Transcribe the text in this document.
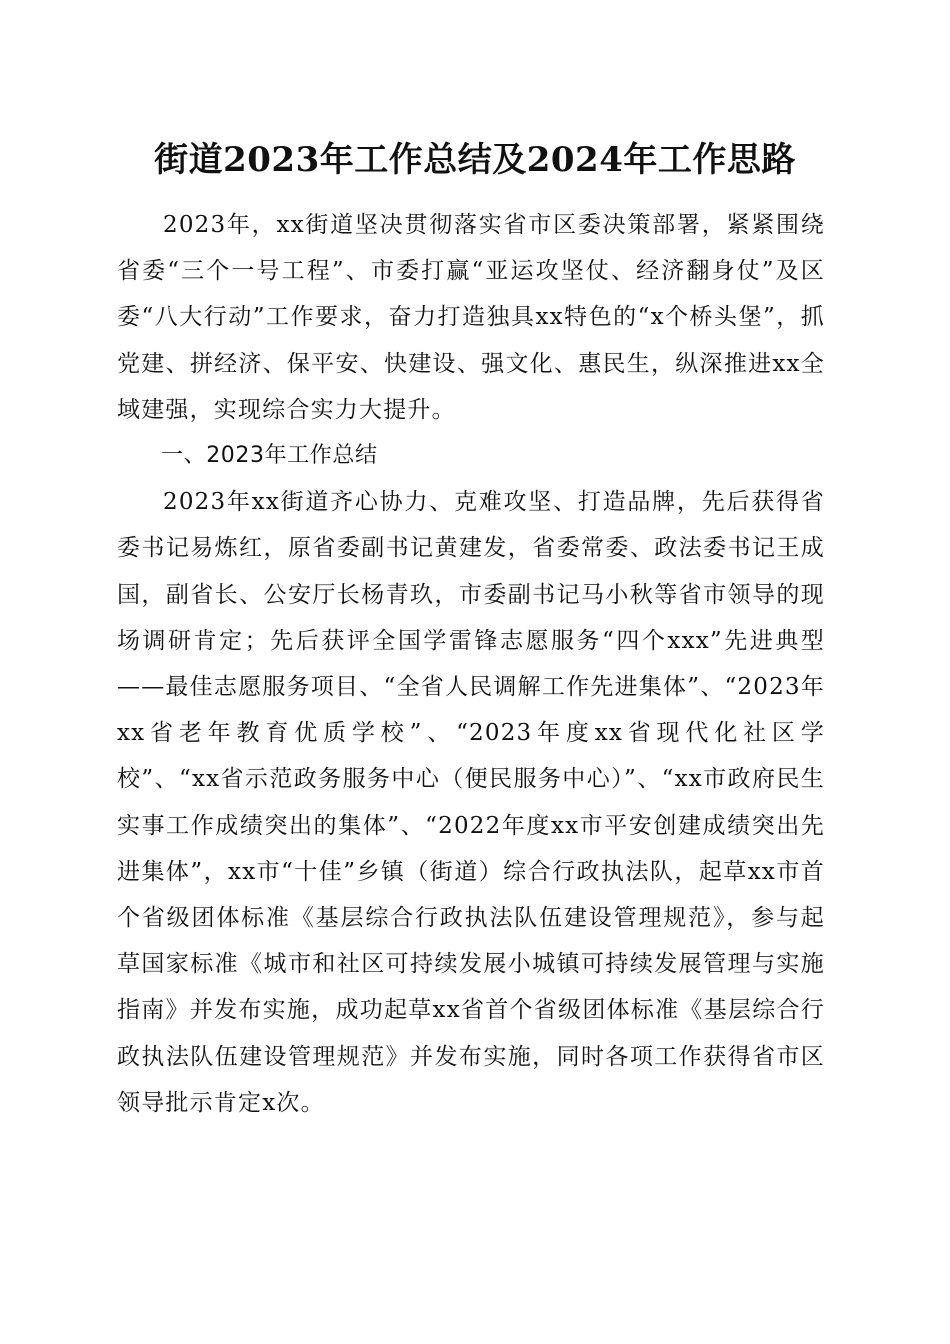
街道2023年工作总结及2024年工作思路

2023年，xx街道坚决贯彻落实省市区委决策部署，紧紧围绕省委“三个一号工程”、市委打赢“亚运攻坚仗、经济翻身仗”及区委“八大行动”工作要求，奋力打造独具xx特色的“x个桥头堡”，抓党建、拼经济、保平安、快建设、强文化、惠民生，纵深推进xx全域建强，实现综合实力大提升。

一、2023年工作总结

2023年xx街道齐心协力、克难攻坚、打造品牌，先后获得省委书记易炼红，原省委副书记黄建发，省委常委、政法委书记王成国，副省长、公安厅长杨青玖，市委副书记马小秋等省市领导的现场调研肯定；先后获评全国学雷锋志愿服务“四个xxx”先进典型——最佳志愿服务项目、“全省人民调解工作先进集体”、“2023年xx省老年教育优质学校”、“2023年度xx省现代化社区学校”、“xx省示范政务服务中心（便民服务中心）”、“xx市政府民生实事工作成绩突出的集体”、“2022年度xx市平安创建成绩突出先进集体”，xx市“十佳”乡镇（街道）综合行政执法队，起草xx市首个省级团体标准《基层综合行政执法队伍建设管理规范》，参与起草国家标准《城市和社区可持续发展小城镇可持续发展管理与实施指南》并发布实施，成功起草xx省首个省级团体标准《基层综合行政执法队伍建设管理规范》并发布实施，同时各项工作获得省市区领导批示肯定x次。
